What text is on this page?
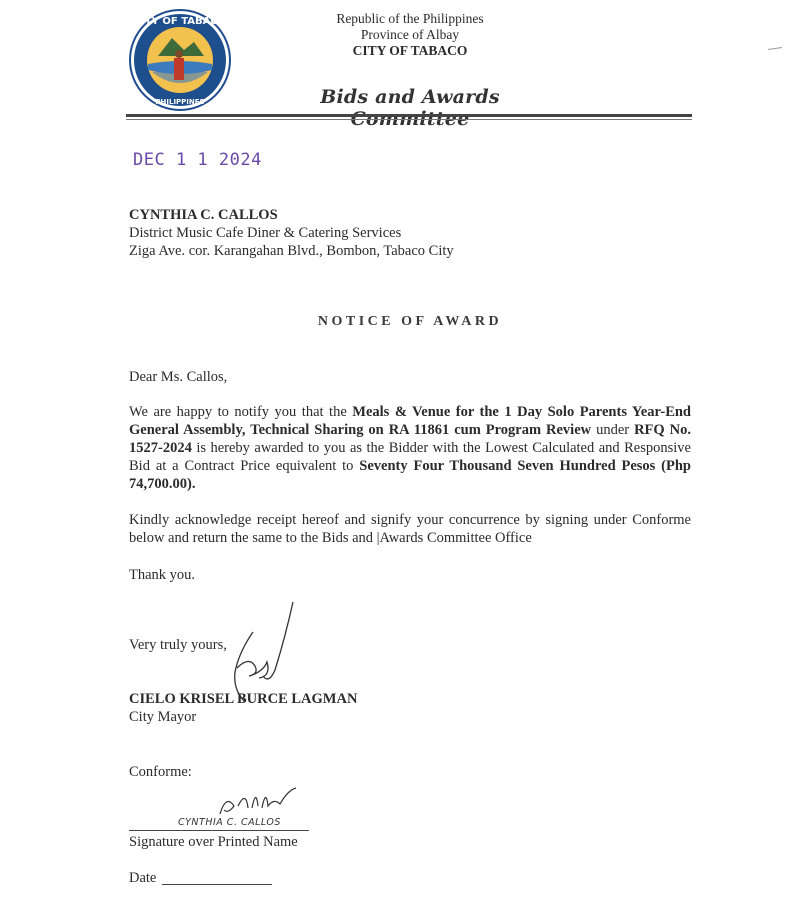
CITY OF TABACO
PHILIPPINES
Republic of the Philippines
Province of Albay
CITY OF TABACO
Bids and Awards
DEC 1 1 2024
CYNTHIA C. CALLOS
District Music Cafe Diner & Catering Services
Ziga Ave. cor. Karangahan Blvd., Bombon, Tabaco City
NOTICE OF AWARD
Dear Ms. Callos,
We are happy to notify you that the Meals & Venue for the 1 Day Solo Parents Year-End General Assembly, Technical Sharing on RA 11861 cum Program Review under RFQ No. 1527-2024 is hereby awarded to you as the Bidder with the Lowest Calculated and Responsive Bid at a Contract Price equivalent to Seventy Four Thousand Seven Hundred Pesos (Php 74,700.00).
Kindly acknowledge receipt hereof and signify your concurrence by signing under Conforme below and return the same to the Bids and |Awards Committee Office
Thank you.
Very truly yours,
CIELO KRISEL BURCE LAGMAN
City Mayor
Conforme:
CYNTHIA C. CALLOS
Signature over Printed Name
Date
